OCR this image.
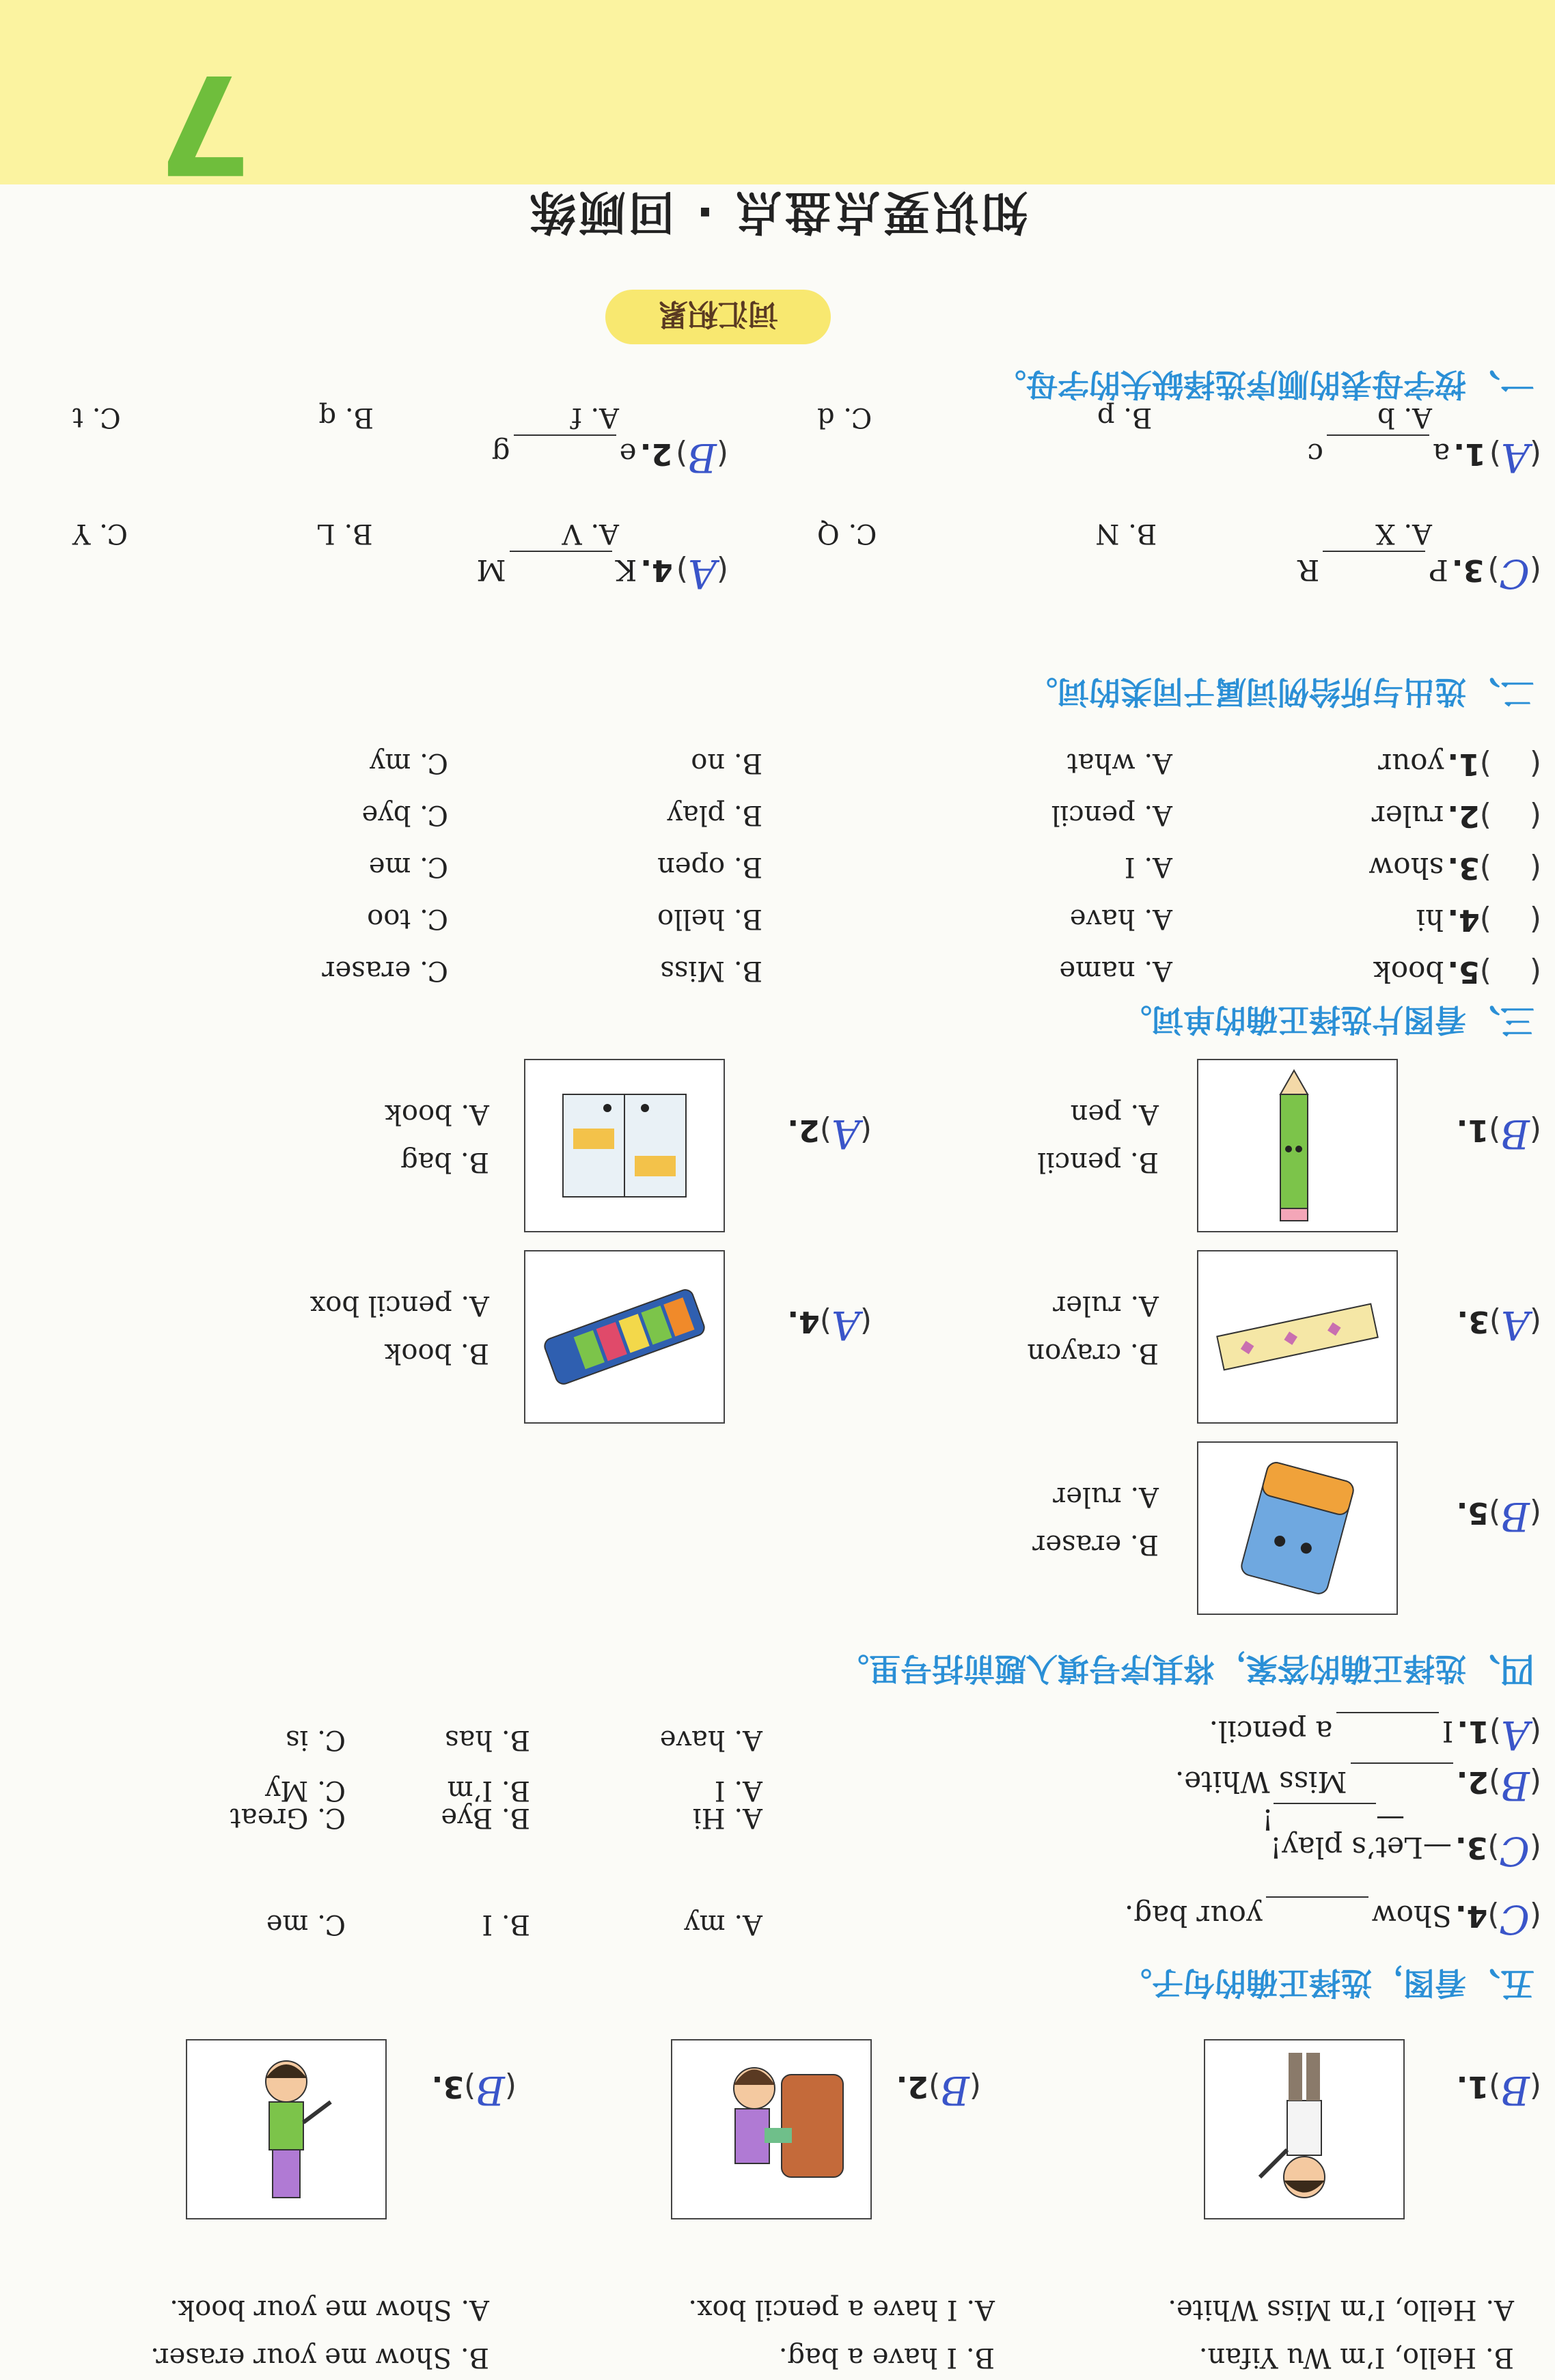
知识要点盘点 · 回顾练
词汇积累
一、按字母表的顺序选择缺失的字母。
(A) 1. a  c
A. b
B. p
C. d
(B) 2. e  g
A. f
B. q
C. t
(C) 3. P  R
A. X
B. N
C. Q
(A) 4. K  M
A. V
B. L
C. Y
二、选出与所给例词属于同类的词。
(    )1. your
A. what
B. no
C. my
(    )2. ruler
A. pencil
B. play
C. bye
(    )3. show
A. I
B. open
C. me
(    )4. hi
A. have
B. hello
C. too
(    )5. book
A. name
B. Miss
C. eraser
三、看图片选择正确的单词。
(B)1.
A. pen
B. pencil
(A)2.
A. book
B. bag
(A)3.
A. ruler
B. crayon
(A)4.
A. pencil box
B. book
(B)5.
A. ruler
B. eraser
四、选择正确的答案，将其序号填入题前括号里。
(A)1. I  a pencil.
A. have
B. has
C. is
(B)2.  Miss White.
A. I
B. I’m
C. My
(C)3. —Let’s play!
—!
A. Hi
B. Bye
C. Great
(C)4. Show  your bag.
A. my
B. I
C. me
五、看图，选择正确的句子。
(B)1.
A. Hello, I’m Miss White.
B. Hello, I’m Wu Yifan.
(B)2.
A. I have a pencil box.
B. I have a bag.
(B)3.
A. Show me your book.
B. Show me your eraser.
7
